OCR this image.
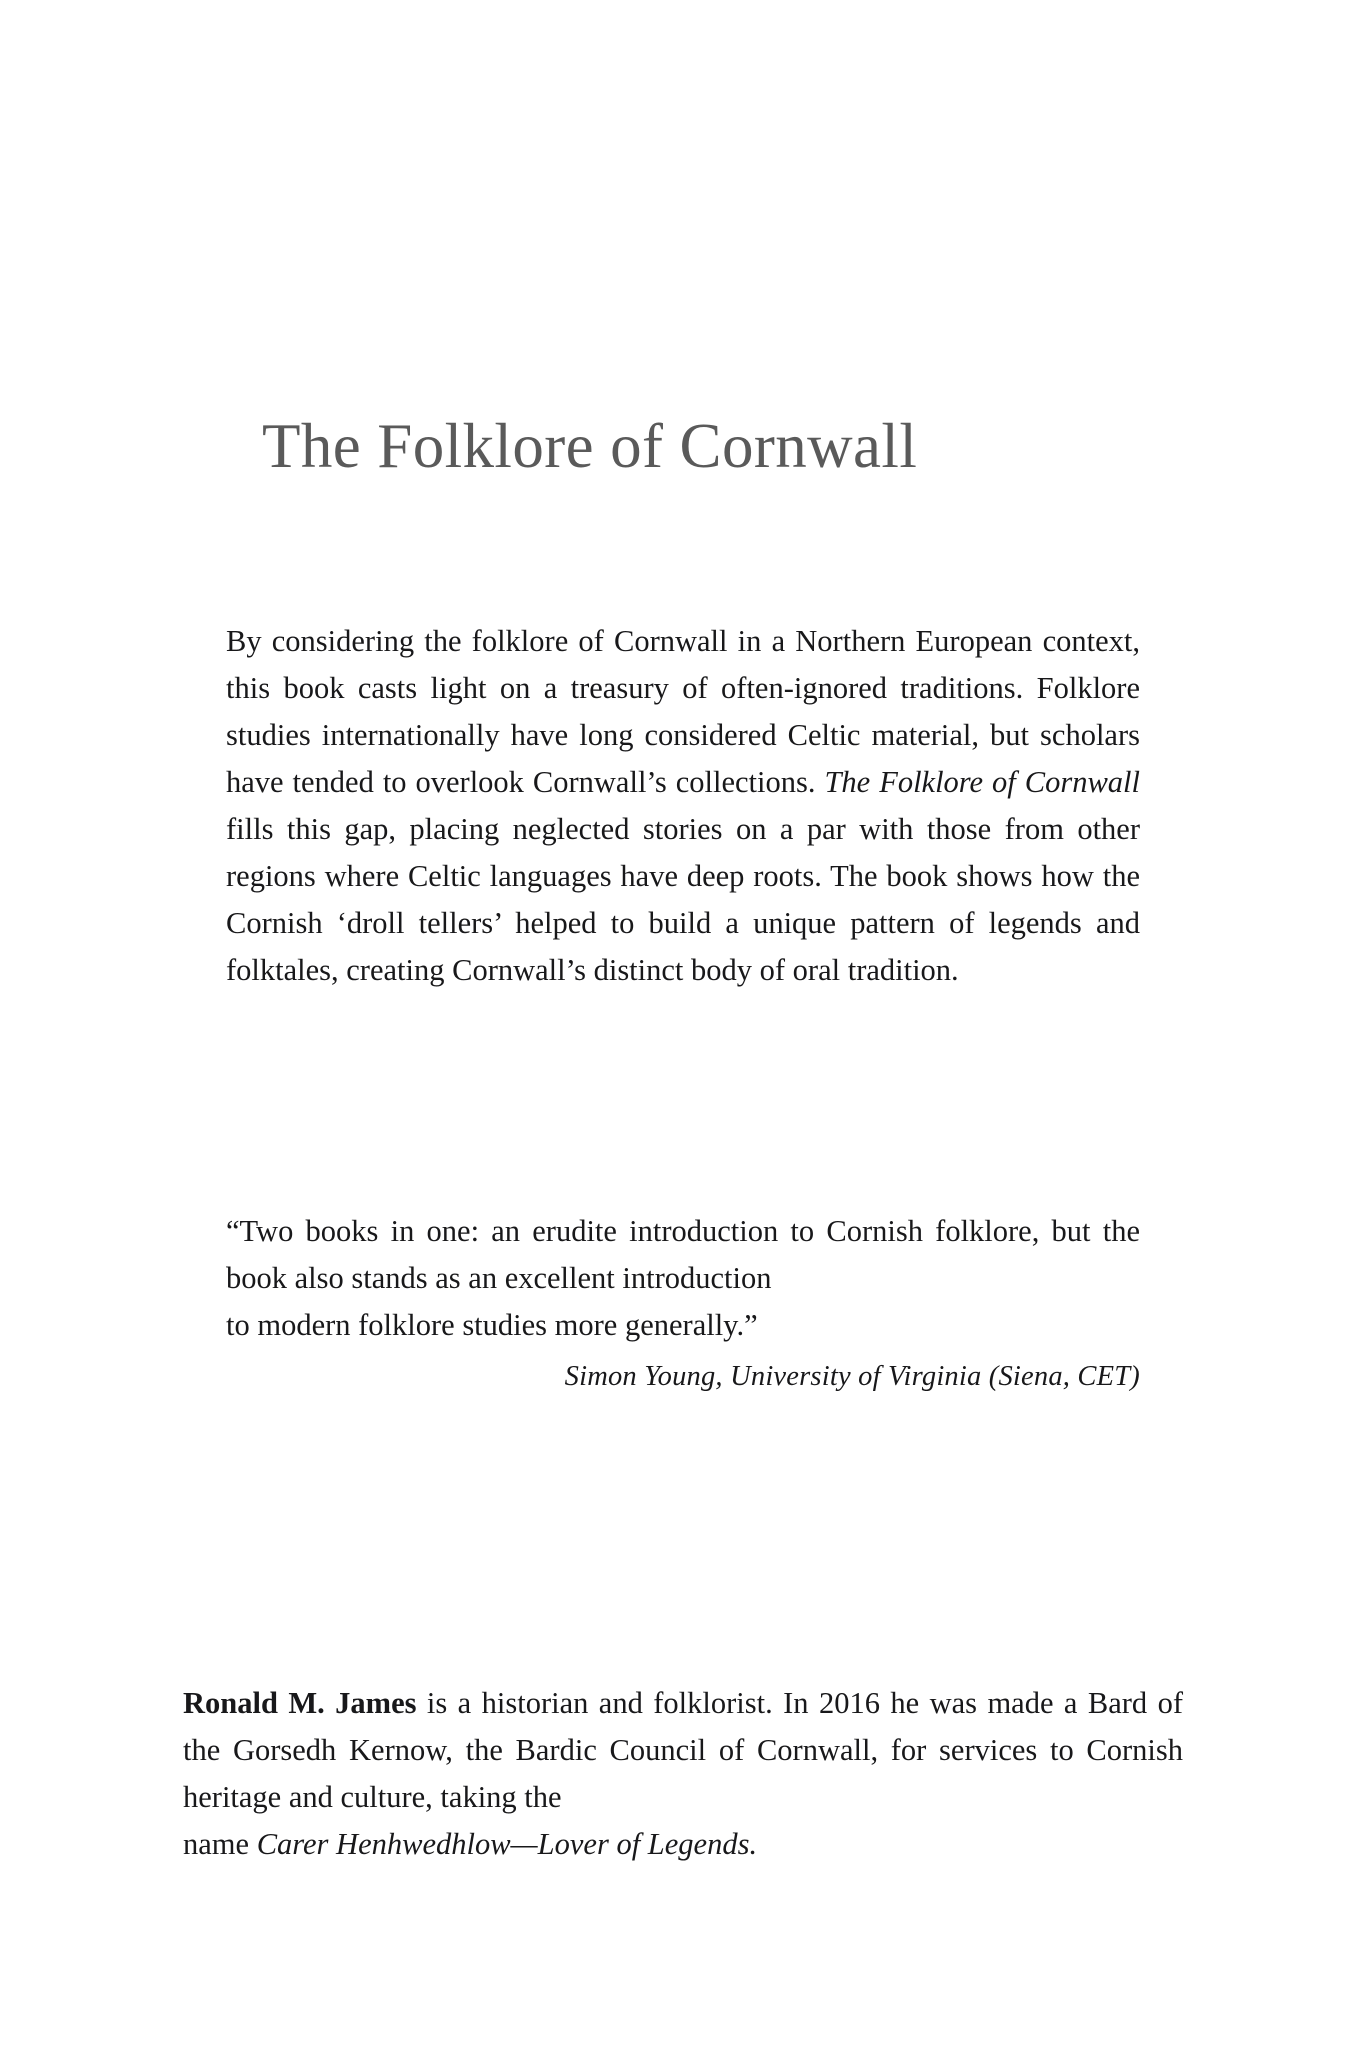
The Folklore of Cornwall

By considering the folklore of Cornwall in a Northern European context, this book casts light on a treasury of often-ignored traditions. Folklore studies internationally have long considered Celtic material, but scholars have tended to overlook Cornwall’s collections. The Folklore of Cornwall fills this gap, placing neglected stories on a par with those from other regions where Celtic languages have deep roots. The book shows how the Cornish ‘droll tellers’ helped to build a unique pattern of legends and folktales, creating Cornwall’s distinct body of oral tradition.

“Two books in one: an erudite introduction to Cornish folklore, but the book also stands as an excellent introduction
to modern folklore studies more generally.”

Simon Young, University of Virginia (Siena, CET)

Ronald M. James is a historian and folklorist. In 2016 he was made a Bard of the Gorsedh Kernow, the Bardic Council of Cornwall, for services to Cornish heritage and culture, taking the
name Carer Henhwedhlow—Lover of Legends.
